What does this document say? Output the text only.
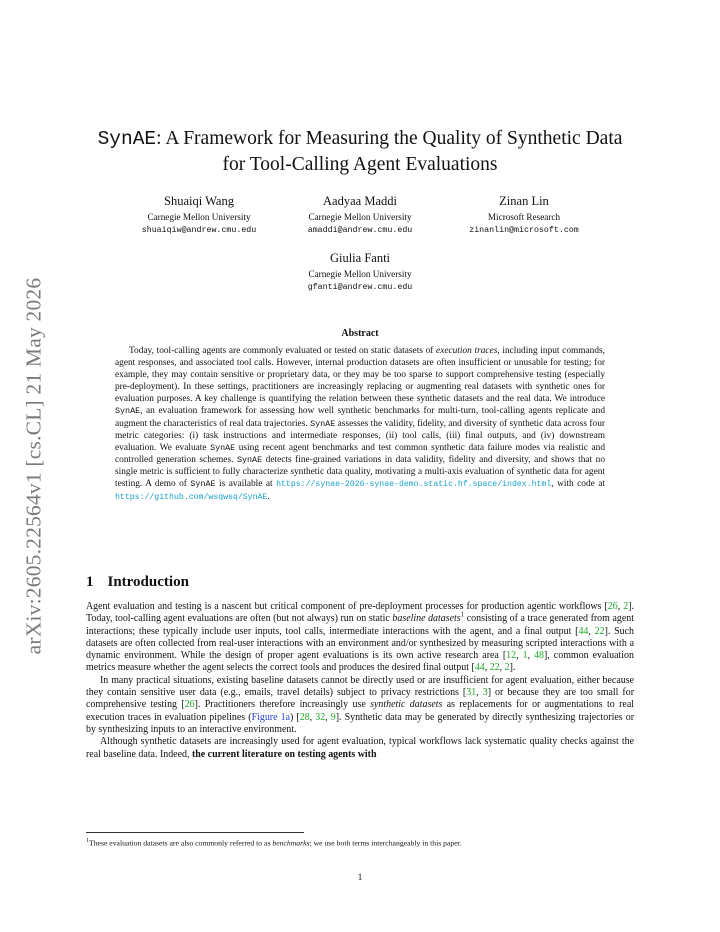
arXiv:2605.22564v1 [cs.CL] 21 May 2026
SynAE: A Framework for Measuring the Quality of Synthetic Data
for Tool-Calling Agent Evaluations
Shuaiqi Wang
Carnegie Mellon University
shuaiqiw@andrew.cmu.edu
Aadyaa Maddi
Carnegie Mellon University
amaddi@andrew.cmu.edu
Zinan Lin
Microsoft Research
zinanlin@microsoft.com
Giulia Fanti
Carnegie Mellon University
gfanti@andrew.cmu.edu
Abstract

Today, tool-calling agents are commonly evaluated or tested on static datasets of execution traces, including input commands, agent responses, and associated tool calls. However, internal production datasets are often insufficient or unusable for testing; for example, they may contain sensitive or proprietary data, or they may be too sparse to support comprehensive testing (especially pre-deployment). In these settings, practitioners are increasingly replacing or augmenting real datasets with synthetic ones for evaluation purposes. A key challenge is quantifying the relation between these synthetic datasets and the real data. We introduce SynAE, an evaluation framework for assessing how well synthetic benchmarks for multi-turn, tool-calling agents replicate and augment the characteristics of real data trajectories. SynAE assesses the validity, fidelity, and diversity of synthetic data across four metric categories: (i) task instructions and intermediate responses, (ii) tool calls, (iii) final outputs, and (iv) downstream evaluation. We evaluate SynAE using recent agent benchmarks and test common synthetic data failure modes via realistic and controlled generation schemes. SynAE detects fine-grained variations in data validity, fidelity and diversity, and shows that no single metric is sufficient to fully characterize synthetic data quality, motivating a multi-axis evaluation of synthetic data for agent testing. A demo of SynAE is available at https://synae-2026-synae-demo.static.hf.space/index.html, with code at https://github.com/wsqwsq/SynAE.

1 Introduction

Agent evaluation and testing is a nascent but critical component of pre-deployment processes for production agentic workflows [26, 2]. Today, tool-calling agent evaluations are often (but not always) run on static baseline datasets$^1$ consisting of a trace generated from agent interactions; these typically include user inputs, tool calls, intermediate interactions with the agent, and a final output [44, 22]. Such datasets are often collected from real-user interactions with an environment and/or synthesized by measuring scripted interactions with a dynamic environment. While the design of proper agent evaluations is its own active research area [12, 1, 48], common evaluation metrics measure whether the agent selects the correct tools and produces the desired final output [44, 22, 2].

In many practical situations, existing baseline datasets cannot be directly used or are insufficient for agent evaluation, either because they contain sensitive user data (e.g., emails, travel details) subject to privacy restrictions [31, 3] or because they are too small for comprehensive testing [26]. Practitioners therefore increasingly use synthetic datasets as replacements for or augmentations to real execution traces in evaluation pipelines (Figure 1a) [28, 32, 9]. Synthetic data may be generated by directly synthesizing trajectories or by synthesizing inputs to an interactive environment.

Although synthetic datasets are increasingly used for agent evaluation, typical workflows lack systematic quality checks against the real baseline data. Indeed, the current literature on testing agents with

$^1$These evaluation datasets are also commonly referred to as benchmarks; we use both terms interchangeably in this paper.
1
